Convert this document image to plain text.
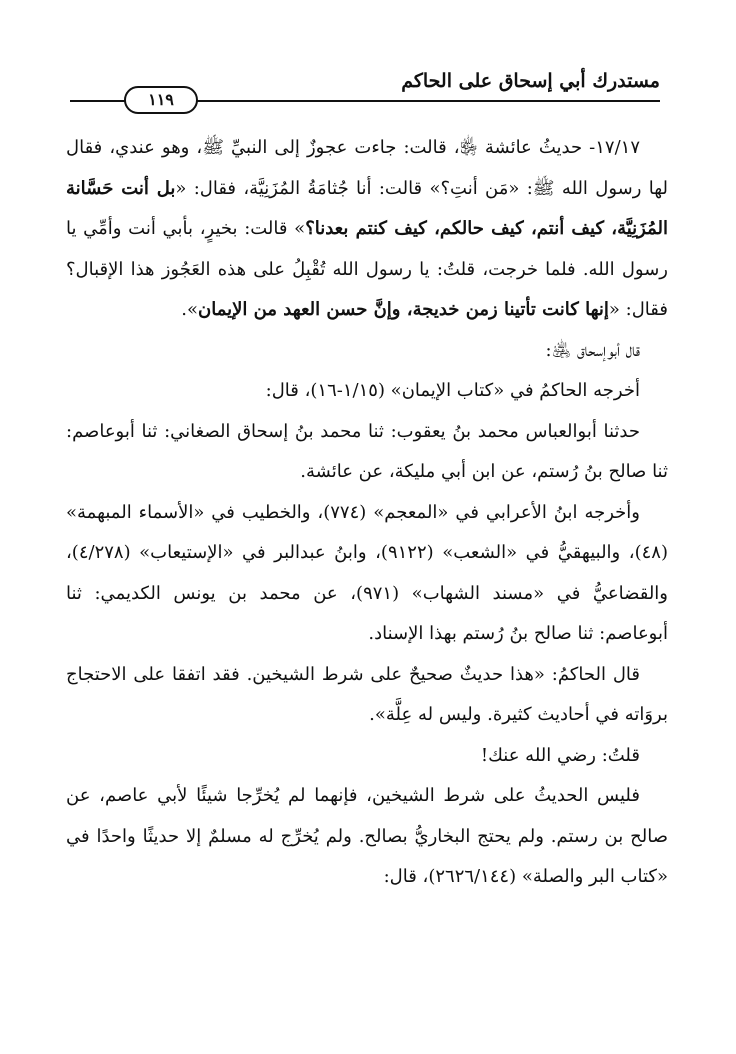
مستدرك أبي إسحاق على الحاكم
١١٩

١٧/١٧- حديثُ عائشة ﵂، قالت: جاءت عجوزٌ إلى النبيِّ ﷺ، وهو عندي، فقال لها رسول الله ﷺ: «مَن أنتِ؟» قالت: أنا جُثامَةُ المُزَنِيَّة، فقال: «بل أنت حَسَّانة المُزَنِيَّة، كيف أنتم، كيف حالكم، كيف كنتم بعدنا؟» قالت: بخيرٍ، بأبي أنت وأمِّي يا رسول الله. فلما خرجت، قلتُ: يا رسول الله تُقْبِلُ على هذه العَجُوز هذا الإقبال؟ فقال: «إنها كانت تأتينا زمن خديجة، وإنَّ حسن العهد من الإيمان».

قال أبوإسحاق ﵁:

أخرجه الحاكمُ في «كتاب الإيمان» (١/١٥-١٦)، قال:

حدثنا أبوالعباس محمد بنُ يعقوب: ثنا محمد بنُ إسحاق الصغاني: ثنا أبوعاصم: ثنا صالح بنُ رُستم، عن ابن أبي مليكة، عن عائشة.

وأخرجه ابنُ الأعرابي في «المعجم» (٧٧٤)، والخطيب في «الأسماء المبهمة» (٤٨)، والبيهقيُّ في «الشعب» (٩١٢٢)، وابنُ عبدالبر في «الإستيعاب» (٤/٢٧٨)، والقضاعيُّ في «مسند الشهاب» (٩٧١)، عن محمد بن يونس الكديمي: ثنا أبوعاصم: ثنا صالح بنُ رُستم بهذا الإسناد.

قال الحاكمُ: «هذا حديثٌ صحيحٌ على شرط الشيخين. فقد اتفقا على الاحتجاج بروَاته في أحاديث كثيرة. وليس له عِلَّة».

قلتُ: رضي الله عنك!

فليس الحديثُ على شرط الشيخين، فإنهما لم يُخرِّجا شيئًا لأبي عاصم، عن صالح بن رستم. ولم يحتج البخاريُّ بصالح. ولم يُخرِّج له مسلمٌ إلا حديثًا واحدًا في «كتاب البر والصلة» (٢٦٢٦/١٤٤)، قال:
